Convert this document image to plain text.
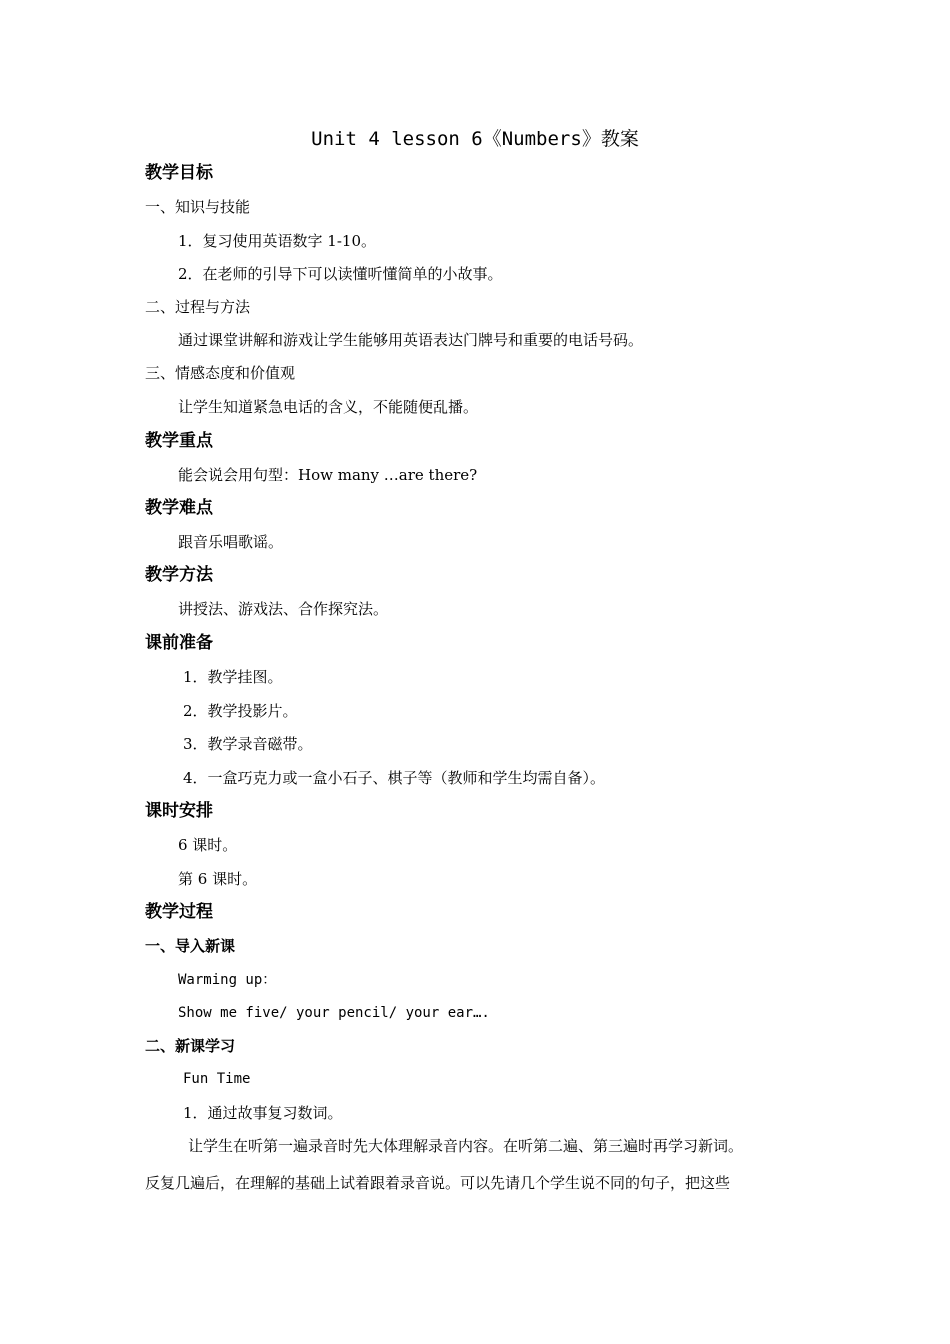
Unit 4 lesson 6《Numbers》教案
教学目标
一、知识与技能
1．复习使用英语数字 1-10。
2．在老师的引导下可以读懂听懂简单的小故事。
二、过程与方法
通过课堂讲解和游戏让学生能够用英语表达门牌号和重要的电话号码。
三、情感态度和价值观
让学生知道紧急电话的含义，不能随便乱播。
教学重点
能会说会用句型：How many …are there?
教学难点
跟音乐唱歌谣。
教学方法
讲授法、游戏法、合作探究法。
课前准备
1．教学挂图。
2．教学投影片。
3．教学录音磁带。
4．一盒巧克力或一盒小石子、棋子等（教师和学生均需自备）。
课时安排
6 课时。
第 6 课时。
教学过程
一、导入新课
Warming up：
Show me five/ your pencil/ your ear….
二、新课学习
Fun Time
1．通过故事复习数词。
让学生在听第一遍录音时先大体理解录音内容。在听第二遍、第三遍时再学习新词。
反复几遍后，在理解的基础上试着跟着录音说。可以先请几个学生说不同的句子，把这些
